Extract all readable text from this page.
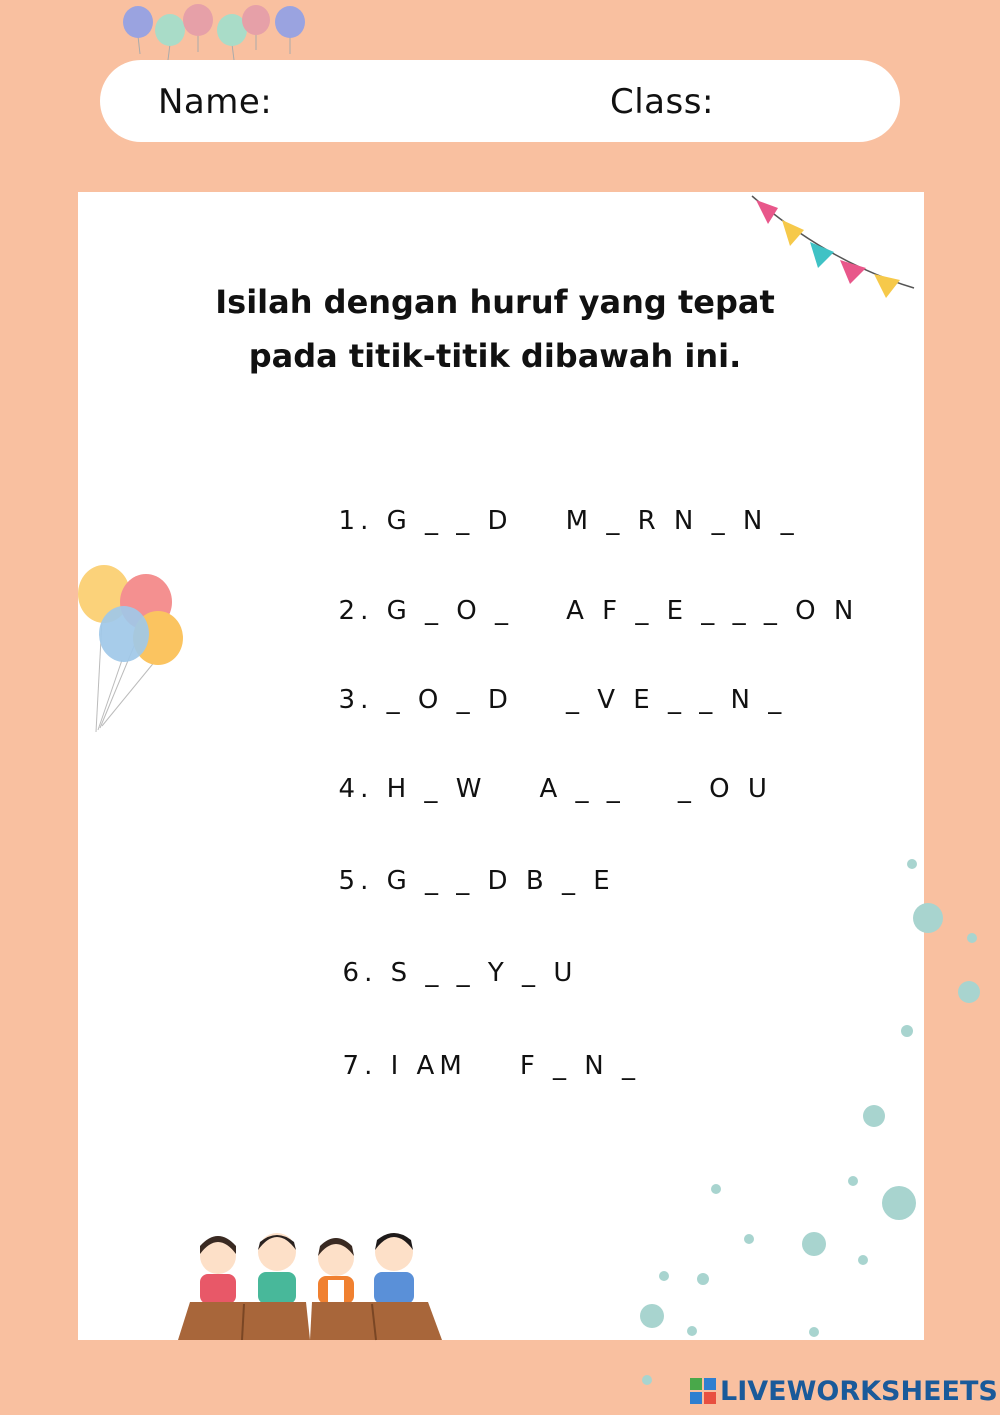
Name:	Class:
Isilah dengan huruf yang tepat
pada titik-titik dibawah ini.

1. G _ _ D    M _ R N _ N _

2. G _ O _    A F _ E _ _ _ O N

3. _ O _ D    _ V E _ _ N _

4. H _ W    A _ _    _ O U

5. G _ _ D B _ E

6. S _ _ Y _ U

7. I AM    F _ N _

LIVEWORKSHEETS
